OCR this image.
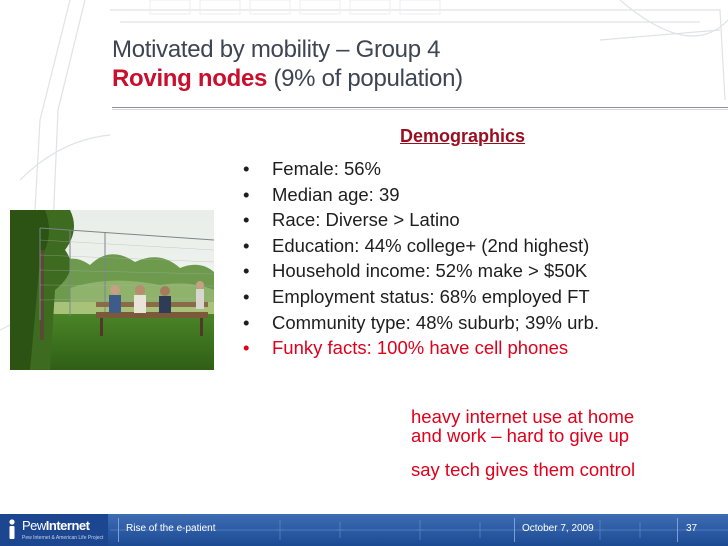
Motivated by mobility – Group 4
Roving nodes (9% of population)
Demographics
• Female: 56%
• Median age: 39
• Race: Diverse > Latino
• Education: 44% college+ (2nd highest)
• Household income: 52% make > $50K
• Employment status: 68% employed FT
• Community type: 48% suburb; 39% urb.
• Funky facts: 100% have cell phones
heavy internet use at home
and work – hard to give up
say tech gives them control
PewInternet
Pew Internet & American Life Project
Rise of the e-patient	October 7, 2009	37
